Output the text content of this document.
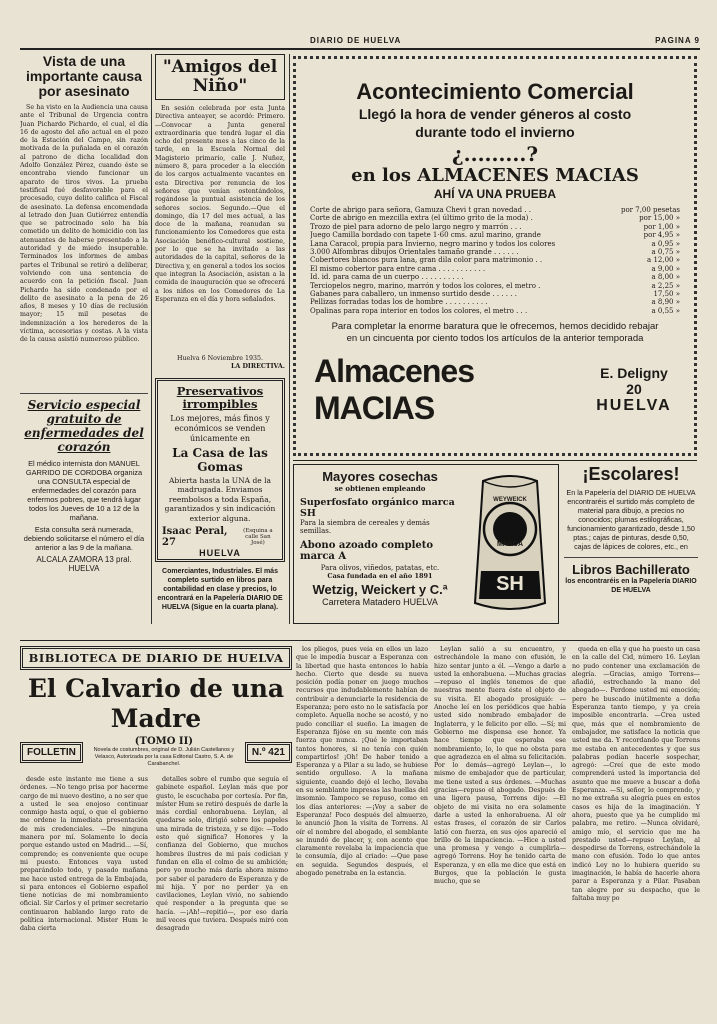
DIARIO DE HUELVA	PAGINA 9
Vista de una importante causa por asesinato

Se ha visto en la Audiencia una causa ante el Tribunal de Urgencia contra Juan Pichardo Pichardo, el cual, el día 16 de agosto del año actual en el pozo de la Estación del Campo, sin razón motivada de la puñalada en el corazón al patrono de dicha localidad don Adolfo González Pérez, cuando éste se encontraba viendo funcionar un aparato de tiros vivos. La prueba testifical fué desfavorable para el procesado, cuyo delito califica el Fiscal de asesinato. La defensa encomendada al letrado don Juan Gutiérrez entendía que se patrocinado solo ha bía cometido un delito de homicidio con las atenuantes de haberse presentado a la autoridad y de miedo insuperable. Terminados los informes de ambas partes el Tribunal se retiró a deliberar, volviendo con una sentencia de acuerdo con la petición fiscal. Juan Pichardo ha sido condenado por el delito de asesinato a la pena de 26 años, 8 meses y 10 días de reclusión mayor; 15 mil pesetas de indemnización a los herederos de la víctima, accesorias y costas. A la vista de la causa asistió numeroso público.

Servicio especial gratuito de enfermedades del corazón
El médico internista don MANUEL GARRIDO DE CORDOBA organiza una CONSULTA especial de enfermedades del corazón para enfermos pobres, que tendrá lugar todos los Jueves de 10 a 12 de la mañana.
Esta consulta será numerada, debiendo solicitarse el número el día anterior a las 9 de la mañana.
ALCALA ZAMORA 13 pral. HUELVA
"Amigos del Niño"

En sesión celebrada por esta Junta Directiva anteayer, se acordó: Primero.—Convocar a Junta general extraordinaria que tendrá lugar el día ocho del presente mes a las cinco de la tarde, en la Escuela Normal del Magisterio primario, calle J. Nuñez, número 8, para proceder a la elección de los cargos actualmente vacantes en esta Directiva por renuncia de los señores que venían ostentándolos, rogándose la puntual asistencia de los señores socios. Segundo.—Que el domingo, día 17 del mes actual, a las doce de la mañana, reanudan su funcionamiento los Comedores que esta Asociación benéfico-cultural sostiene, por lo que se ha invitado a las autoridades de la capital, señores de la Directiva y, en general a todos los socios que integran la Asociación, asistan a la comida de inauguración que se ofrecerá a los niños en los Comedores de La Esperanza en el día y hora señalados.

Huelva 6 Noviembre 1935.
LA DIRECTIVA.
Preservativos irrompibles
Los mejores, más finos y económicos se venden únicamente en
La Casa de las Gomas
Abierta hasta la UNA de la madrugada. Enviamos reembolsos a toda España, garantizados y sin indicación exterior alguna.
Isaac Peral, 27
(Esquina a calle San José)
HUELVA
Comerciantes, Industriales. El más completo surtido en libros para contabilidad en clase y precios, lo encontrará en la Papelería DIARIO DE HUELVA (Sigue en la cuarta plana).
Acontecimiento Comercial
Llegó la hora de vender géneros al costo durante todo el invierno
¿.........?
en los ALMACENES MACIAS
AHÍ VA UNA PRUEBA
Corte de abrigo para señora, Gamuza Chevi t gran novedad . .	por 7,00 pesetas
Corte de abrigo en mezcilla extra (el último grito de la moda) .	por 15,00 »
Trozo de piel para adorno de pelo largo negro y marrón . . .	por 1,00 »
Juego Camilla bordado con tapete 1·60 cms. azul marino, grande	por 4,95 »
Lana Caracol, propia para Invierno, negro marino y todos los colores	a 0,95 »
3.000 Alfombras dibujos Orientales tamaño grande . . . . . .	a 0,75 »
Cobertores blancos pura lana, gran dila color para matrimonio . .	a 12,00 »
El mismo cobertor para entre cama . . . . . . . . . . .	a 9,00 »
Id. id. para cama de un cuerpo . . . . . . . . . .	a 8,00 »
Terciopelos negro, marino, marrón y todos los colores, el metro .	a 2,25 »
Gabanes para caballero, un inmenso surtido desde . . . . . .	17,50 »
Pellizas forradas todas los de hombre . . . . . . . . . .	a 8,90 »
Opalinas para ropa interior en todos los colores, el metro . . .	a 0,55 »
Para completar la enorme baratura que le ofrecemos, hemos decidido rebajar en un cincuenta por ciento todos los artículos de la anterior temporada
Almacenes MACIAS
E. Deligny 20
HUELVA
Mayores cosechas
se obtienen empleando
Superfosfato orgánico marca SH
Para la siembra de cereales y demás semillas.
Abono azoado completo marca A
Para olivos, viñedos, patatas, etc.
Casa fundada en el año 1891
Wetzig, Weickert y C.ª
Carretera Matadero HUELVA
WEYWEICK
MARCA
SH
¡Escolares!
En la Papelería del DIARIO DE HUELVA encontraréis el surtido más completo de material para dibujo, a precios no conocidos; plumas estilográficas, funcionamiento garantizado, desde 1,50 ptas.; cajas de pinturas, desde 0,50, cajas de lápices de colores, etc., en
Libros Bachillerato
los encontraréis en la Papelería DIARIO DE HUELVA
BIBLIOTECA DE DIARIO DE HUELVA
El Calvario de una Madre
FOLLETIN
(TOMO II)
Novela de costumbres, original de D. Julián Castellanos y Velasco, Autorizada por la casa Editorial Castro, S. A. de Carabanchel.
N.º 421

desde este instante me tiene a sus órdenes. —No tengo prisa por hacerme cargo de mi nuevo destino, a no ser que a usted le sea enojoso continuar conmigo hasta aquí, o que el gobierno me ordene la inmediata presentación de mis credenciales. —De ninguna manera por mí. Solamente lo decía porque estando usted en Madrid... —Sí, comprendo; es conveniente que ocupe mi puesto. Entonces vaya usted preparándolo todo, y pasado mañana me hace usted entrega de la Embajada, si para entonces el Gobierno español tiene noticias de mi nombramiento oficial. Sir Carlos y el primer secretario continuaron hablando largo rato de política internacional. Mister Hum le daba cierta

detalles sobre el rumbo que seguía el gabinete español. Leylan más que por gusto, le escuchaba por cortesía. Por fin, míster Hum se retiró después de darle la más cordial enhorabuena. Leylan, al quedarse solo, dirigió sobre los papeles una mirada de tristeza, y se dijo: —Todo esto qué significa? Honores y la confianza del Gobierno, que muchos hombres ilustres de mi país codician y fundan en ella el colmo de su ambición; pero yo mucho más daría ahora mismo por saber el paradero de Esperanza y de mi hija. Y por no perder ya en cavilaciones, Leylan vivió, no sabiendo qué responder a la pregunta que se hacía. —¡Ah!—repitió—, por eso daría mil veces que tuviera. Después miró con desagrado

los pliegos, pues veía en ellos un lazo que le impedía buscar a Esperanza con la libertad que hasta entonces lo había hecho. Cierto que desde su nueva posición podía poner en juego muchos recursos que indudablemente habían de contribuir a denunciarle la residencia de Esperanza; pero esto no le satisfacía por completo. Aquella noche se acostó, y no pudo conciliar el sueño. La imagen de Esperanza fijóse en su mente con más fuerza que nunca. ¡Qué le importaban tantos honores, si no tenía con quién compartirlos! ¡Oh! De haber tenido a Esperanza y a Pilar a su lado, se hubiese sentido orgulloso. A la mañana siguiente, cuando dejó el lecho, llevaba en su semblante impresas las huellas del insomnio. Tampoco se repuso, como en los días anteriores: —¡Voy a saber de Esperanza! Poco después del almuerzo, le anunció Jhon la visita de Torrens. Al oír el nombre del abogado, el semblante se inundó de placer, y, con acento que claramente revelaba la impaciencia que le consumía, dijo al criado: —Que pase en seguida. Segundos después, el abogado penetraba en la estancia.

Leylan salió a su encuentro, y estrechándole la mano con efusión, le hizo sentar junto a él. —Vengo a darle a usted la enhorabuena. —Muchas gracias—repuso el inglés tenemos de que nuestras mente fuera éste el objeto de su visita. El abogado prosiguió: —Anoche leí en los periódicos que había usted sido nombrado embajador de Inglaterra, y le felicito por ello. —Sí; mi Gobierno me dispensa ese honor. Ya hace tiempo que esperaba ese nombramiento, lo, lo que no obsta para que agradezca en el alma su felicitación. Por lo demás—agregó Leylan—, lo mismo de embajador que de particular, me tiene usted a sus órdenes. —Muchas gracias—repuso el abogado. Después de una ligera pausa, Torrens dijo: —El objeto de mi visita no era solamente darle a usted la enhorabuena. Al oír estas frases, el corazón de sir Carlos latió con fuerza, en sus ojos apareció el brillo de la impaciencia. —Hice a usted una promesa y vengo a cumplirla—agregó Torrens. Hoy he tenido carta de Esperanza, y en ella me dice que está en Burgos, que la población le gusta mucho, que se

queda en ella y que ha puesto un casa en la calle del Cid, número 16. Leylan no pudo contener una exclamación de alegría. —Gracias, amigo Torrens—añadió, estrechando la mano del abogado—. Perdone usted mi emoción; pero he buscado inútilmente a doña Esperanza tanto tiempo, y ya creía imposible encontrarla. —Crea usted que, más que el nombramiento de embajador, me satisface la noticia que usted me da. Y recordando que Torrens me estaba en antecedentes y que sus palabras podían hacerle sospechar, agregó: —Creí que de este modo comprenderá usted la importancia del asunto que me mueve a buscar a doña Esperanza. —Sí, señor, lo comprendo, y no me extraña su alegría pues en estos casos es hija de la imaginación. Y ahora, puesto que ya he cumplido mi palabra, me retiro. —Nunca olvidaré, amigo mío, el servicio que me ha prestado usted—repuso Leylan, al despedirse de Torrens, estrechándole la mano con efusión. Todo lo que antes indicó Ley no lo hubiera querido su imaginación, le había de hacerle ahora parar a Esperanza y a Pilar. Pasaban tan alegre por su despacho, que le faltaba muy po
